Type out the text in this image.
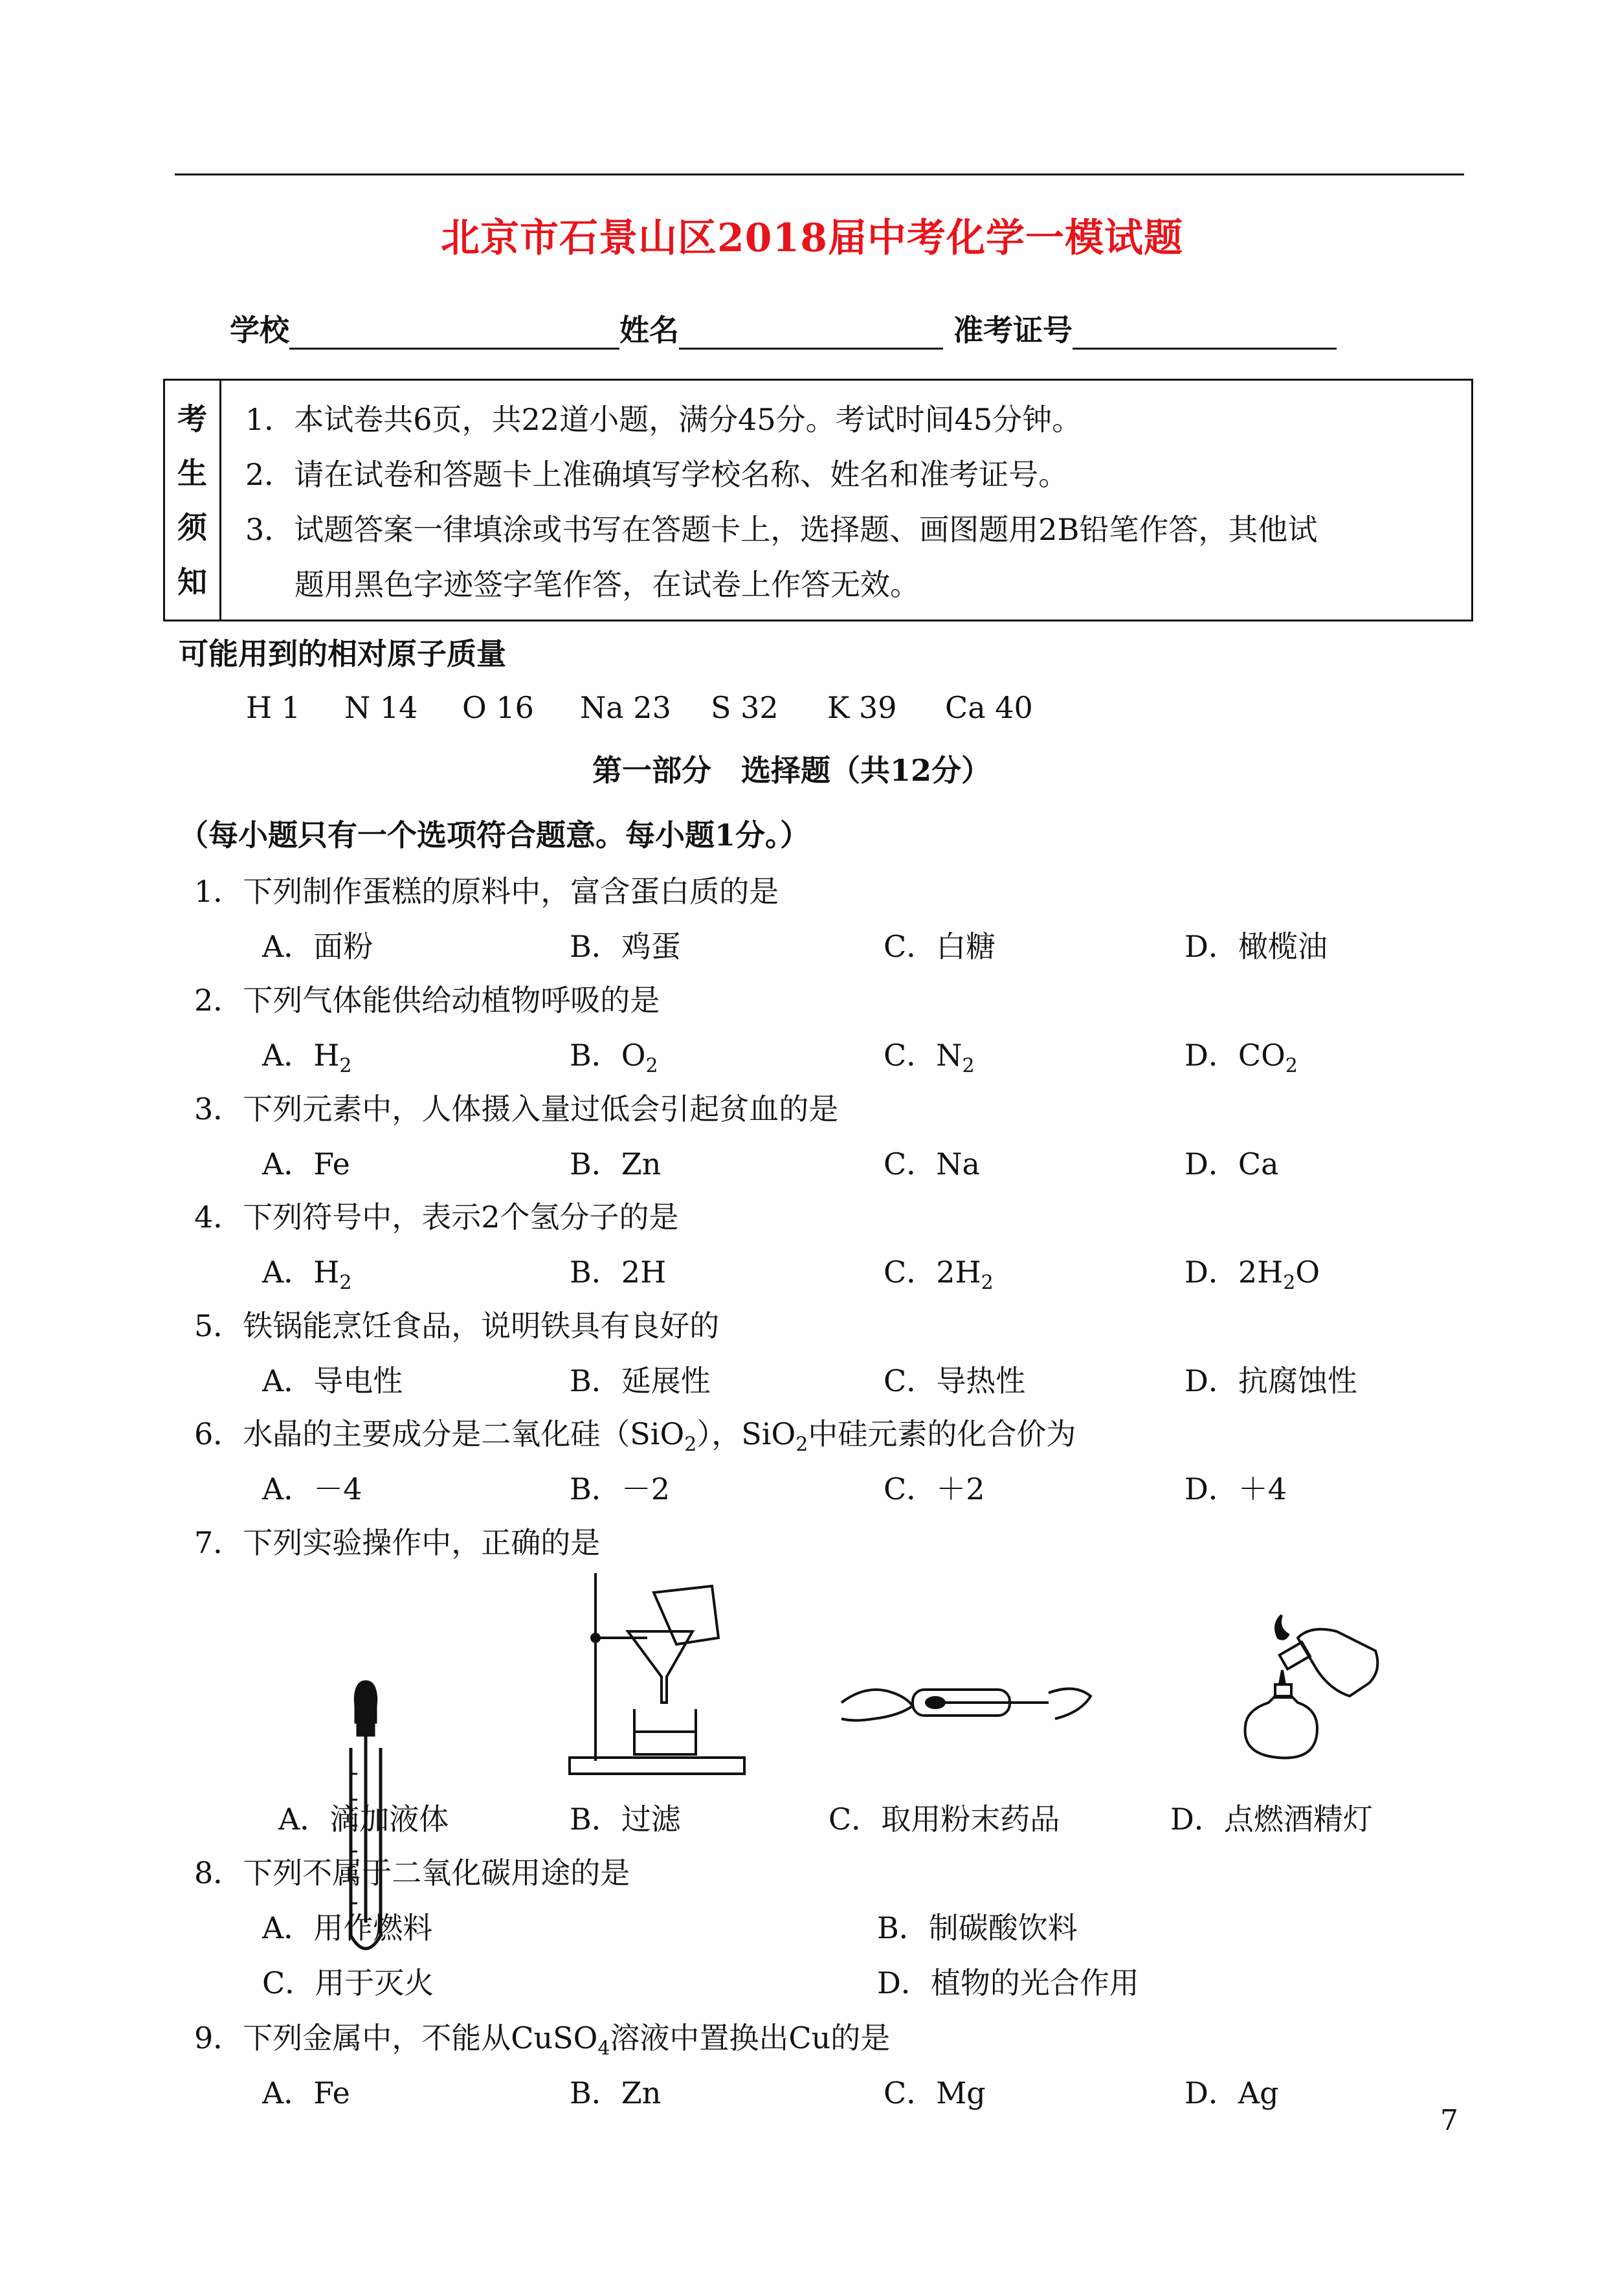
北京市石景山区2018届中考化学一模试题
学校	姓名	准考证号
考
生
须
知
1．本试卷共6页，共22道小题，满分45分。考试时间45分钟。
2．请在试卷和答题卡上准确填写学校名称、姓名和准考证号。
3．试题答案一律填涂或书写在答题卡上，选择题、画图题用2B铅笔作答，其他试
题用黑色字迹签字笔作答，在试卷上作答无效。
可能用到的相对原子质量
H 1 N 14 O 16 Na 23 S 32 K 39 Ca 40
第一部分　选择题（共12分）
（每小题只有一个选项符合题意。每小题1分。）
1．下列制作蛋糕的原料中，富含蛋白质的是
A．面粉	B．鸡蛋	C．白糖	D．橄榄油
2．下列气体能供给动植物呼吸的是
A．$H_2$	B．$O_2$	C．$N_2$	D．$CO_2$
3．下列元素中，人体摄入量过低会引起贫血的是
A．Fe	B．Zn	C．Na	D．Ca
4．下列符号中，表示2个氢分子的是
A．$H_2$	B．2H	C．$2H_2$	D．$2H_2O$
5．铁锅能烹饪食品，说明铁具有良好的
A．导电性	B．延展性	C．导热性	D．抗腐蚀性
6．水晶的主要成分是二氧化硅（SiO$_2$），SiO$_2$中硅元素的化合价为
A．－4	B．－2	C．＋2	D．＋4
7．下列实验操作中，正确的是
A．滴加液体	B．过滤	C．取用粉末药品	D．点燃酒精灯
8．下列不属于二氧化碳用途的是
A．用作燃料	B．制碳酸饮料
C．用于灭火	D．植物的光合作用
9．下列金属中，不能从CuSO$_4$溶液中置换出Cu的是
A．Fe	B．Zn	C．Mg	D．Ag
7
